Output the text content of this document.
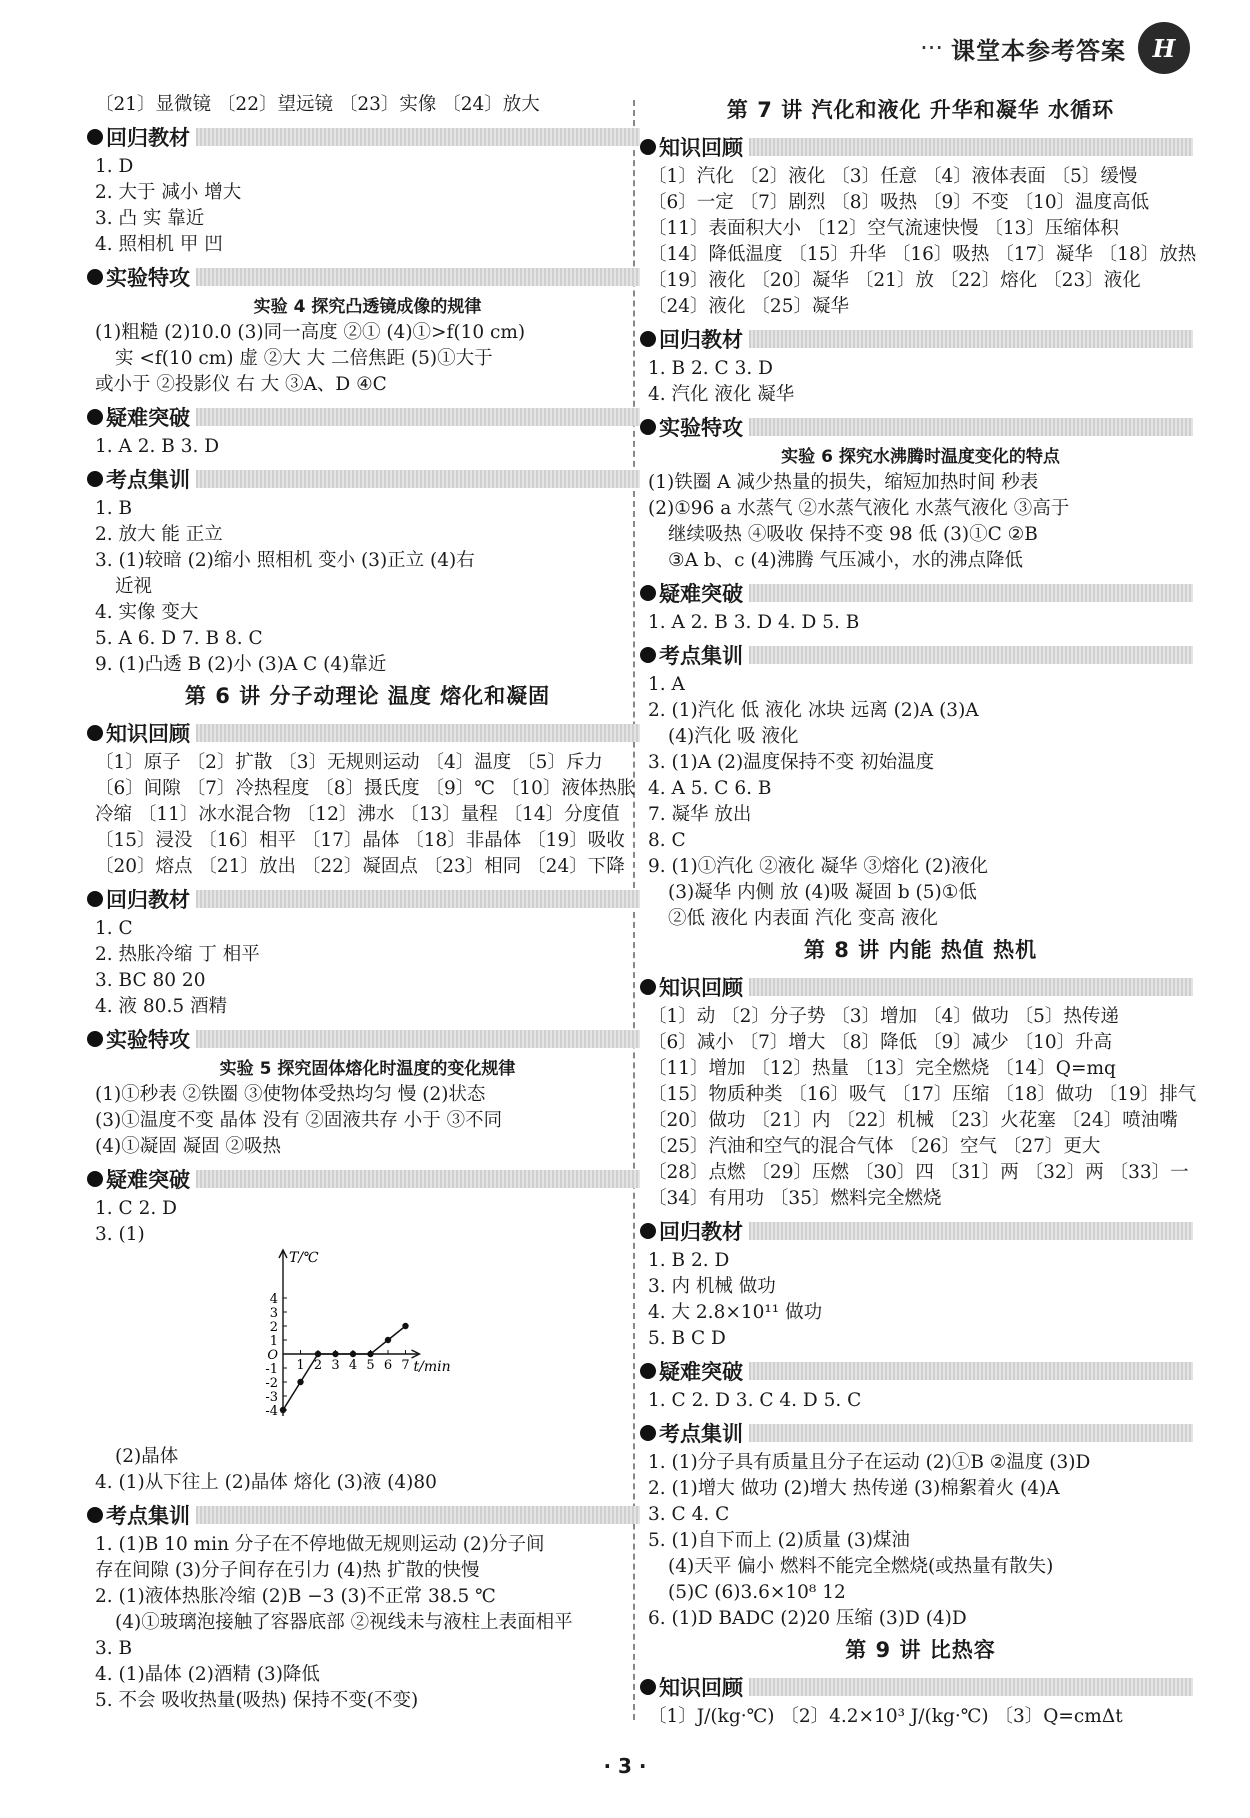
··· 课堂本参考答案	H
〔21〕显微镜 〔22〕望远镜 〔23〕实像 〔24〕放大
回归教材
1. D
2. 大于 减小 增大
3. 凸 实 靠近
4. 照相机 甲 凹
实验特攻
实验 4 探究凸透镜成像的规律
(1)粗糙 (2)10.0 (3)同一高度 ②① (4)①>f(10 cm)
实 <f(10 cm) 虚 ②大 大 二倍焦距 (5)①大于
或小于 ②投影仪 右 大 ③A、D ④C
疑难突破
1. A 2. B 3. D
考点集训
1. B
2. 放大 能 正立
3. (1)较暗 (2)缩小 照相机 变小 (3)正立 (4)右
近视
4. 实像 变大
5. A 6. D 7. B 8. C
9. (1)凸透 B (2)小 (3)A C (4)靠近
第 6 讲 分子动理论 温度 熔化和凝固
知识回顾
〔1〕原子 〔2〕扩散 〔3〕无规则运动 〔4〕温度 〔5〕斥力
〔6〕间隙 〔7〕冷热程度 〔8〕摄氏度 〔9〕℃ 〔10〕液体热胀
冷缩 〔11〕冰水混合物 〔12〕沸水 〔13〕量程 〔14〕分度值
〔15〕浸没 〔16〕相平 〔17〕晶体 〔18〕非晶体 〔19〕吸收
〔20〕熔点 〔21〕放出 〔22〕凝固点 〔23〕相同 〔24〕下降
回归教材
1. C
2. 热胀冷缩 丁 相平
3. BC 80 20
4. 液 80.5 酒精
实验特攻
实验 5 探究固体熔化时温度的变化规律
(1)①秒表 ②铁圈 ③使物体受热均匀 慢 (2)状态
(3)①温度不变 晶体 没有 ②固液共存 小于 ③不同
(4)①凝固 凝固 ②吸热
疑难突破
1. C 2. D
3. (1)
-4
-3
-2
-1
1
2
3
4
O
1 2 3 4 5 6 7
T/℃
t/min
(2)晶体
4. (1)从下往上 (2)晶体 熔化 (3)液 (4)80
考点集训
1. (1)B 10 min 分子在不停地做无规则运动 (2)分子间
存在间隙 (3)分子间存在引力 (4)热 扩散的快慢
2. (1)液体热胀冷缩 (2)B −3 (3)不正常 38.5 ℃
(4)①玻璃泡接触了容器底部 ②视线未与液柱上表面相平
3. B
4. (1)晶体 (2)酒精 (3)降低
5. 不会 吸收热量(吸热) 保持不变(不变)
第 7 讲 汽化和液化 升华和凝华 水循环
知识回顾
〔1〕汽化 〔2〕液化 〔3〕任意 〔4〕液体表面 〔5〕缓慢
〔6〕一定 〔7〕剧烈 〔8〕吸热 〔9〕不变 〔10〕温度高低
〔11〕表面积大小 〔12〕空气流速快慢 〔13〕压缩体积
〔14〕降低温度 〔15〕升华 〔16〕吸热 〔17〕凝华 〔18〕放热
〔19〕液化 〔20〕凝华 〔21〕放 〔22〕熔化 〔23〕液化
〔24〕液化 〔25〕凝华
回归教材
1. B 2. C 3. D
4. 汽化 液化 凝华
实验特攻
实验 6 探究水沸腾时温度变化的特点
(1)铁圈 A 减少热量的损失，缩短加热时间 秒表
(2)①96 a 水蒸气 ②水蒸气液化 水蒸气液化 ③高于
继续吸热 ④吸收 保持不变 98 低 (3)①C ②B
③A b、c (4)沸腾 气压减小，水的沸点降低
疑难突破
1. A 2. B 3. D 4. D 5. B
考点集训
1. A
2. (1)汽化 低 液化 冰块 远离 (2)A (3)A
(4)汽化 吸 液化
3. (1)A (2)温度保持不变 初始温度
4. A 5. C 6. B
7. 凝华 放出
8. C
9. (1)①汽化 ②液化 凝华 ③熔化 (2)液化
(3)凝华 内侧 放 (4)吸 凝固 b (5)①低
②低 液化 内表面 汽化 变高 液化
第 8 讲 内能 热值 热机
知识回顾
〔1〕动 〔2〕分子势 〔3〕增加 〔4〕做功 〔5〕热传递
〔6〕减小 〔7〕增大 〔8〕降低 〔9〕减少 〔10〕升高
〔11〕增加 〔12〕热量 〔13〕完全燃烧 〔14〕Q=mq
〔15〕物质种类 〔16〕吸气 〔17〕压缩 〔18〕做功 〔19〕排气
〔20〕做功 〔21〕内 〔22〕机械 〔23〕火花塞 〔24〕喷油嘴
〔25〕汽油和空气的混合气体 〔26〕空气 〔27〕更大
〔28〕点燃 〔29〕压燃 〔30〕四 〔31〕两 〔32〕两 〔33〕一
〔34〕有用功 〔35〕燃料完全燃烧
回归教材
1. B 2. D
3. 内 机械 做功
4. 大 2.8×10¹¹ 做功
5. B C D
疑难突破
1. C 2. D 3. C 4. D 5. C
考点集训
1. (1)分子具有质量且分子在运动 (2)①B ②温度 (3)D
2. (1)增大 做功 (2)增大 热传递 (3)棉絮着火 (4)A
3. C 4. C
5. (1)自下而上 (2)质量 (3)煤油
(4)天平 偏小 燃料不能完全燃烧(或热量有散失)
(5)C (6)3.6×10⁸ 12
6. (1)D BADC (2)20 压缩 (3)D (4)D
第 9 讲 比热容
知识回顾
〔1〕J/(kg·℃) 〔2〕4.2×10³ J/(kg·℃) 〔3〕Q=cmΔt
· 3 ·
